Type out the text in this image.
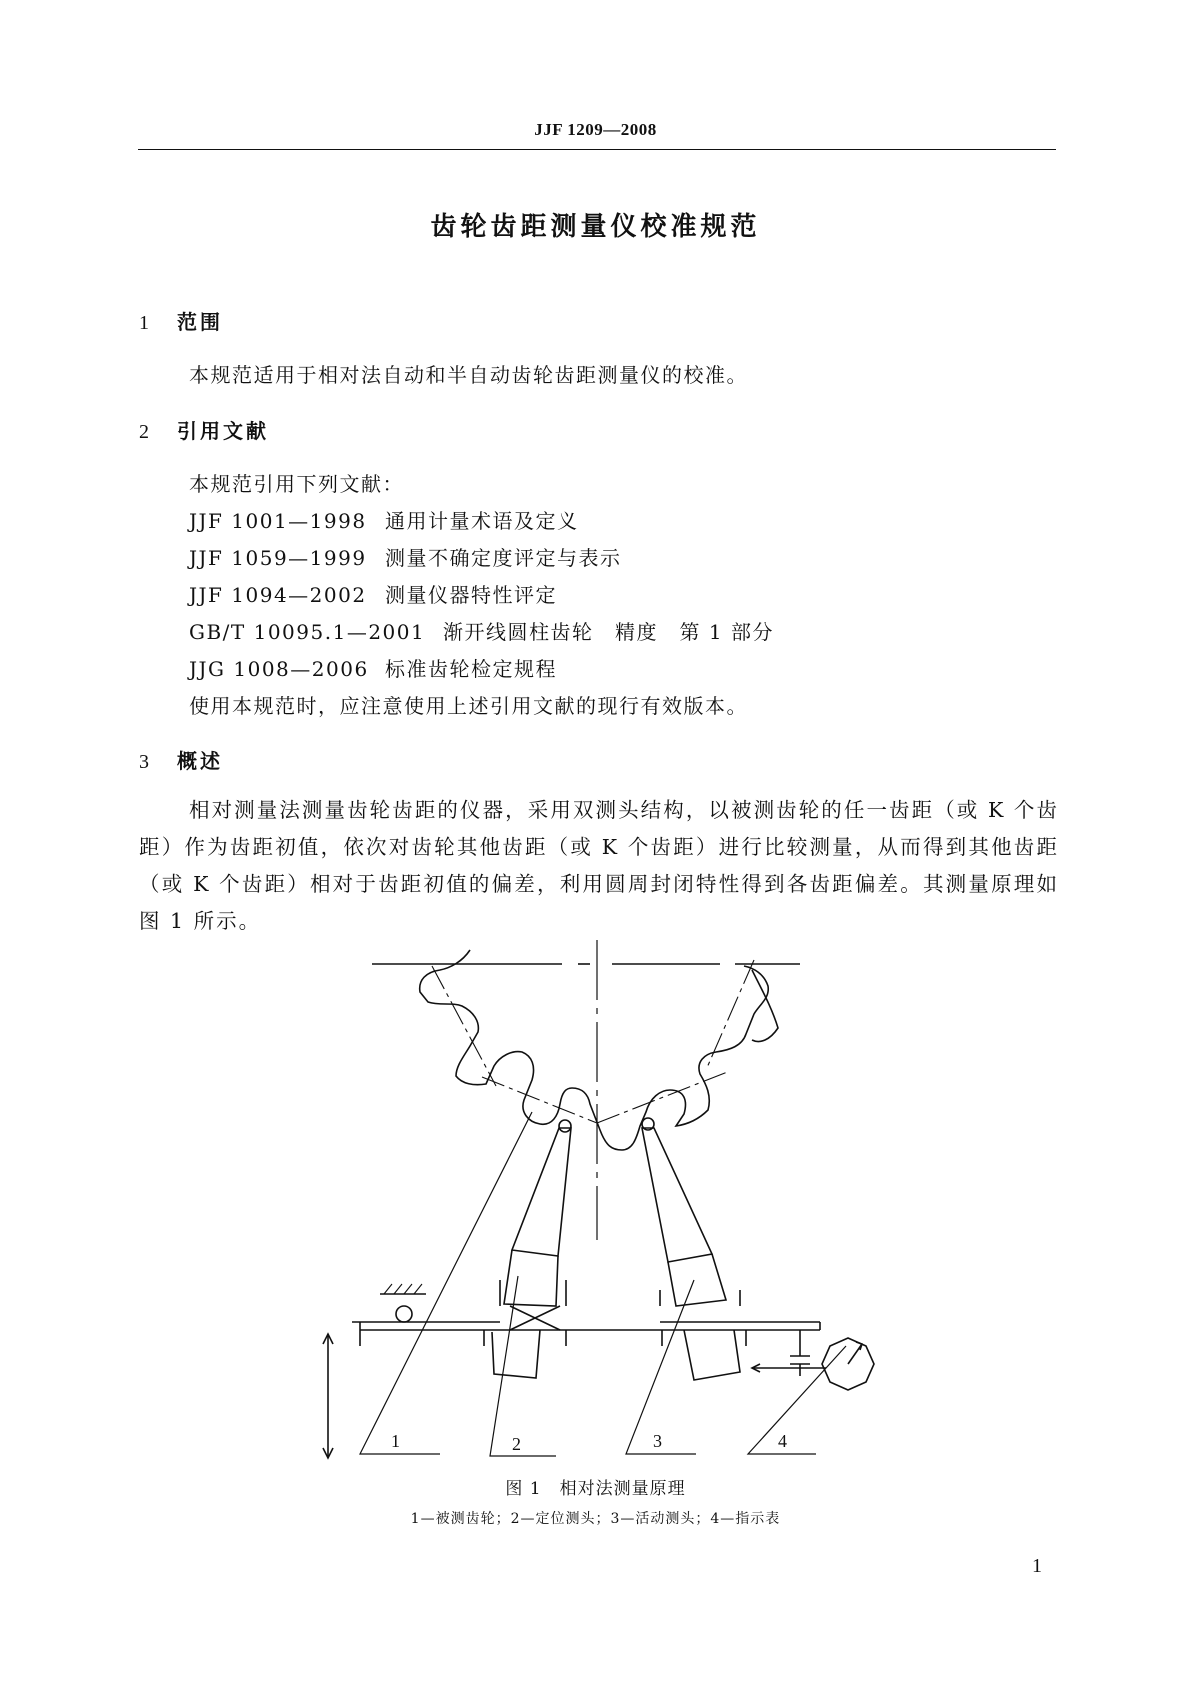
JJF 1209—2008
齿轮齿距测量仪校准规范
1 范围
本规范适用于相对法自动和半自动齿轮齿距测量仪的校准。
2 引用文献
本规范引用下列文献：
JJF 1001—1998 通用计量术语及定义
JJF 1059—1999 测量不确定度评定与表示
JJF 1094—2002 测量仪器特性评定
GB/T 10095.1—2001 渐开线圆柱齿轮　精度　第 1 部分
JJG 1008—2006 标准齿轮检定规程
使用本规范时，应注意使用上述引用文献的现行有效版本。
3 概述
相对测量法测量齿轮齿距的仪器，采用双测头结构，以被测齿轮的任一齿距（或 K 个齿距）作为齿距初值，依次对齿轮其他齿距（或 K 个齿距）进行比较测量，从而得到其他齿距（或 K 个齿距）相对于齿距初值的偏差，利用圆周封闭特性得到各齿距偏差。其测量原理如图 1 所示。
1	2	3	4
图 1　相对法测量原理
1—被测齿轮；2—定位测头；3—活动测头；4—指示表
1
